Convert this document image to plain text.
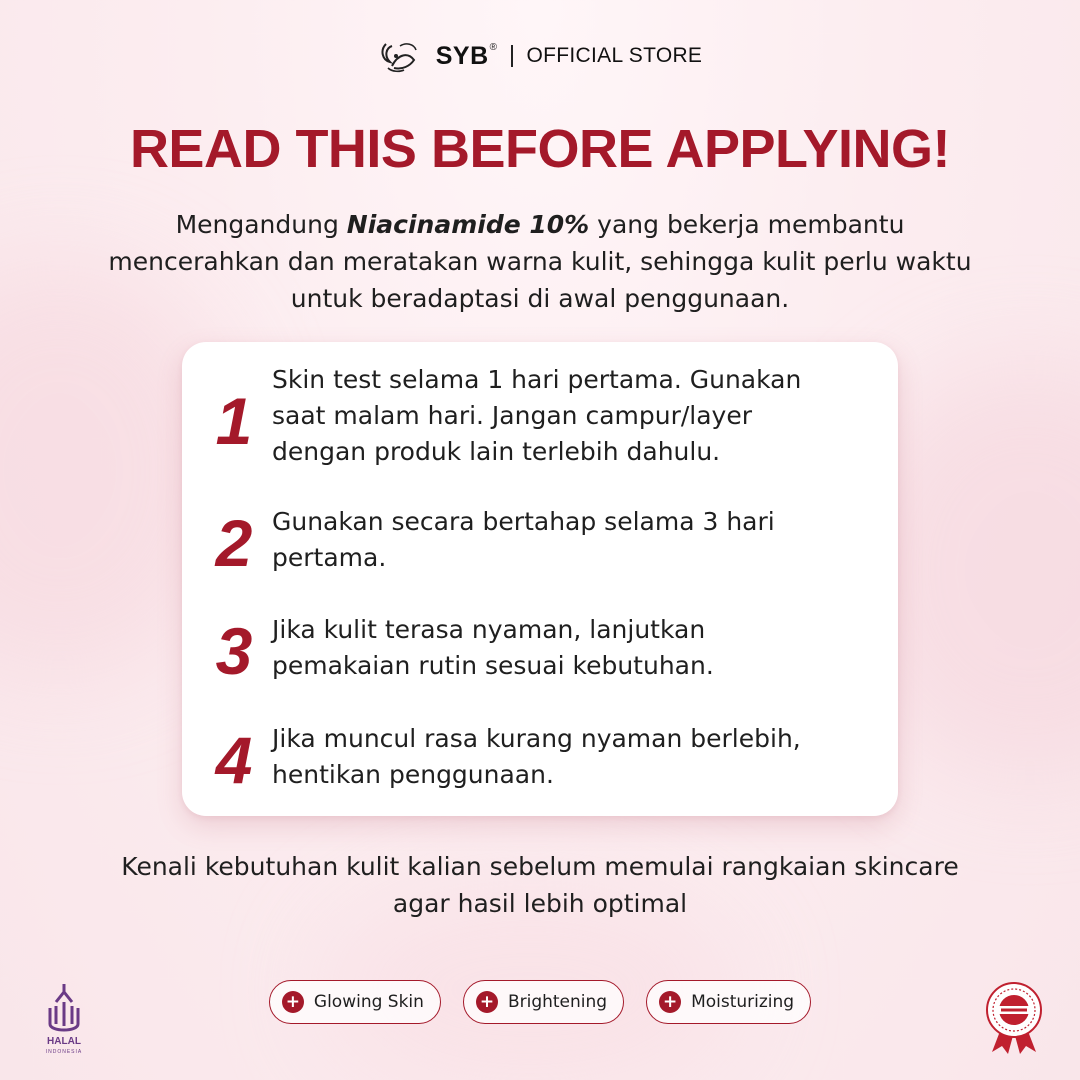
SYB ® OFFICIAL STORE
READ THIS BEFORE APPLYING!
Mengandung Niacinamide 10% yang bekerja membantu mencerahkan dan meratakan warna kulit, sehingga kulit perlu waktu untuk beradaptasi di awal penggunaan.
1
Skin test selama 1 hari pertama. Gunakan saat malam hari. Jangan campur/layer dengan produk lain terlebih dahulu.
2 Gunakan secara bertahap selama 3 hari pertama.
3 Jika kulit terasa nyaman, lanjutkan pemakaian rutin sesuai kebutuhan.
4 Jika muncul rasa kurang nyaman berlebih, hentikan penggunaan.
Kenali kebutuhan kulit kalian sebelum memulai rangkaian skincare agar hasil lebih optimal
HALAL
INDONESIA
+ Glowing Skin	+ Brightening	+ Moisturizing
